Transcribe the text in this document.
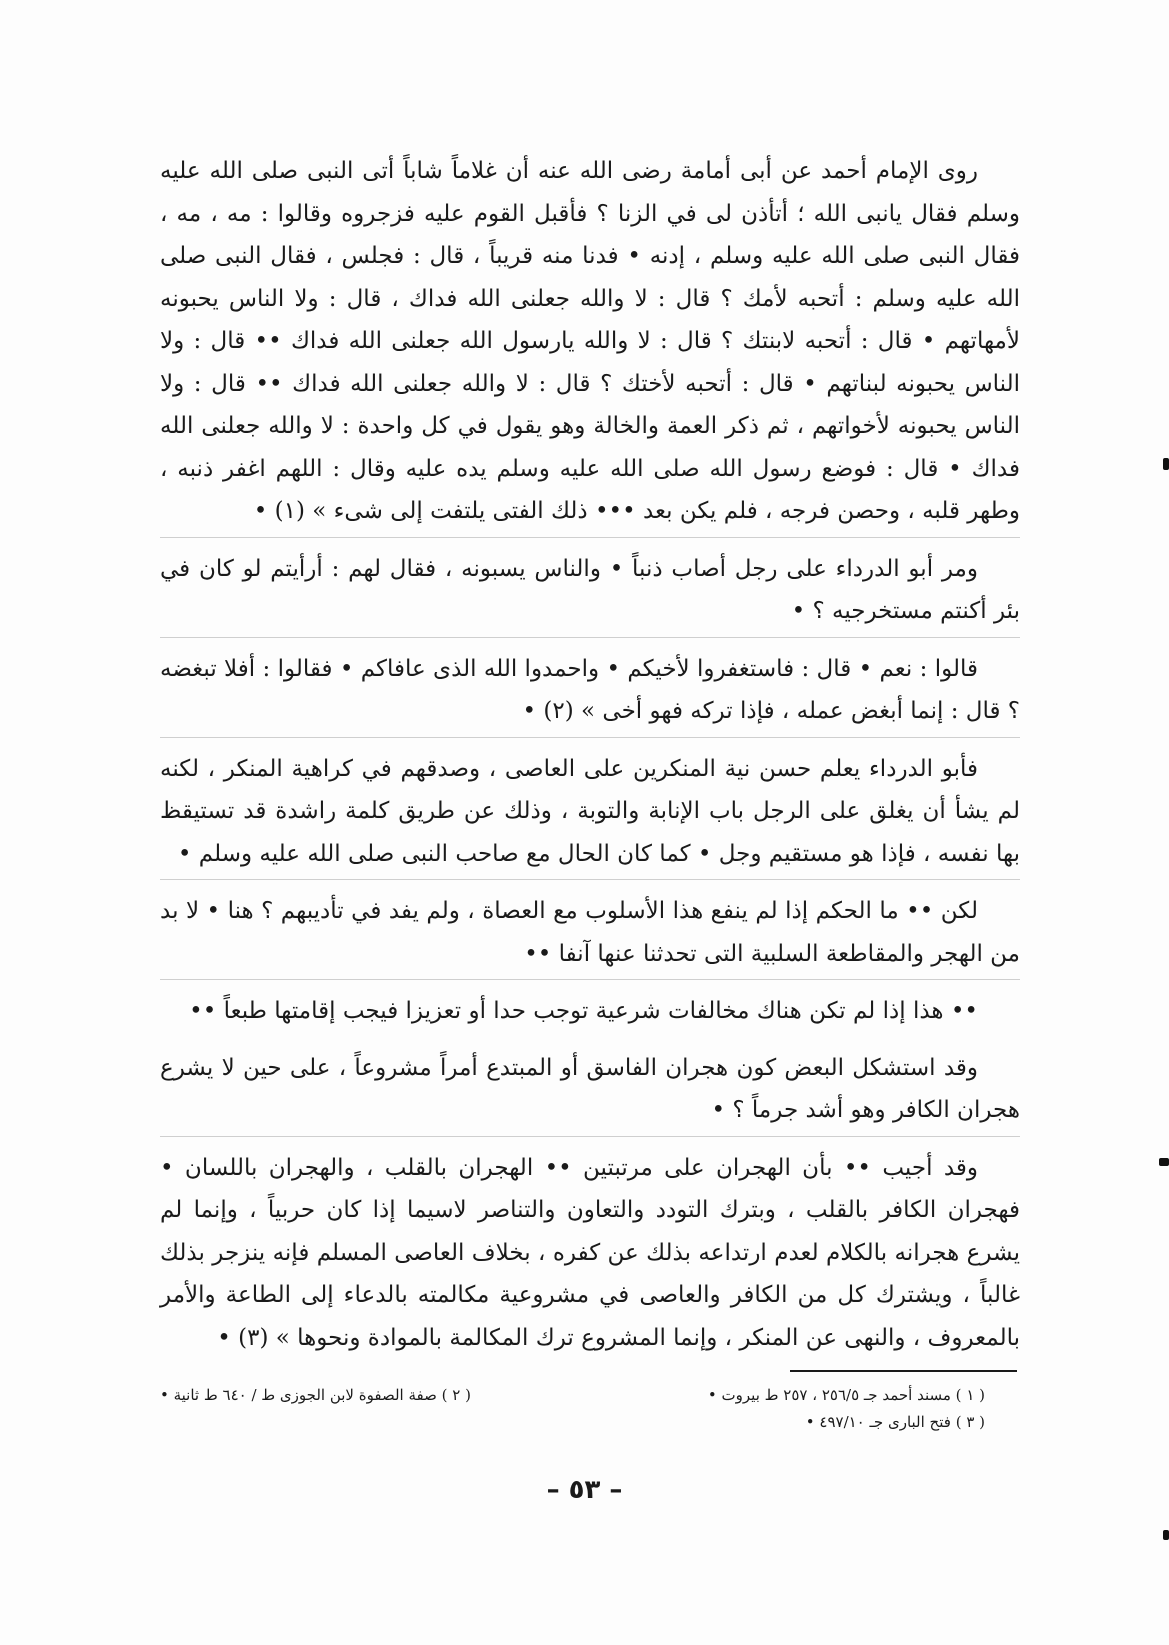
روى الإمام أحمد عن أبى أمامة رضى الله عنه أن غلاماً شاباً أتى النبى صلى الله عليه وسلم فقال يانبى الله ؛ أتأذن لى في الزنا ؟ فأقبل القوم عليه فزجروه وقالوا : مه ، مه ، فقال النبى صلى الله عليه وسلم ، إدنه • فدنا منه قريباً ، قال : فجلس ، فقال النبى صلى الله عليه وسلم : أتحبه لأمك ؟ قال : لا والله جعلنى الله فداك ، قال : ولا الناس يحبونه لأمهاتهم • قال : أتحبه لابنتك ؟ قال : لا والله يارسول الله جعلنى الله فداك •• قال : ولا الناس يحبونه لبناتهم • قال : أتحبه لأختك ؟ قال : لا والله جعلنى الله فداك •• قال : ولا الناس يحبونه لأخواتهم ، ثم ذكر العمة والخالة وهو يقول في كل واحدة : لا والله جعلنى الله فداك • قال : فوضع رسول الله صلى الله عليه وسلم يده عليه وقال : اللهم اغفر ذنبه ، وطهر قلبه ، وحصن فرجه ، فلم يكن بعد ••• ذلك الفتى يلتفت إلى شىء » (١) •

ومر أبو الدرداء على رجل أصاب ذنباً • والناس يسبونه ، فقال لهم : أرأيتم لو كان في بئر أكنتم مستخرجيه ؟ •

قالوا : نعم • قال : فاستغفروا لأخيكم • واحمدوا الله الذى عافاكم • فقالوا : أفلا تبغضه ؟ قال : إنما أبغض عمله ، فإذا تركه فهو أخى » (٢) •

فأبو الدرداء يعلم حسن نية المنكرين على العاصى ، وصدقهم في كراهية المنكر ، لكنه لم يشأ أن يغلق على الرجل باب الإنابة والتوبة ، وذلك عن طريق كلمة راشدة قد تستيقظ بها نفسه ، فإذا هو مستقيم وجل • كما كان الحال مع صاحب النبى صلى الله عليه وسلم •

لكن •• ما الحكم إذا لم ينفع هذا الأسلوب مع العصاة ، ولم يفد في تأديبهم ؟ هنا • لا بد من الهجر والمقاطعة السلبية التى تحدثنا عنها آنفا ••

•• هذا إذا لم تكن هناك مخالفات شرعية توجب حدا أو تعزيزا فيجب إقامتها طبعاً ••

وقد استشكل البعض كون هجران الفاسق أو المبتدع أمراً مشروعاً ، على حين لا يشرع هجران الكافر وهو أشد جرماً ؟ •

وقد أجيب •• بأن الهجران على مرتبتين •• الهجران بالقلب ، والهجران باللسان • فهجران الكافر بالقلب ، وبترك التودد والتعاون والتناصر لاسيما إذا كان حربياً ، وإنما لم يشرع هجرانه بالكلام لعدم ارتداعه بذلك عن كفره ، بخلاف العاصى المسلم فإنه ينزجر بذلك غالباً ، ويشترك كل من الكافر والعاصى في مشروعية مكالمته بالدعاء إلى الطاعة والأمر بالمعروف ، والنهى عن المنكر ، وإنما المشروع ترك المكالمة بالموادة ونحوها » (٣) •

( ١ ) مسند أحمد جـ ٢٥٦/٥ ، ٢٥٧ ط بيروت •
( ٢ ) صفة الصفوة لابن الجوزى ط / ٦٤٠ ط ثانية •
( ٣ ) فتح البارى جـ ٤٩٧/١٠ •
– ٥٣ –
